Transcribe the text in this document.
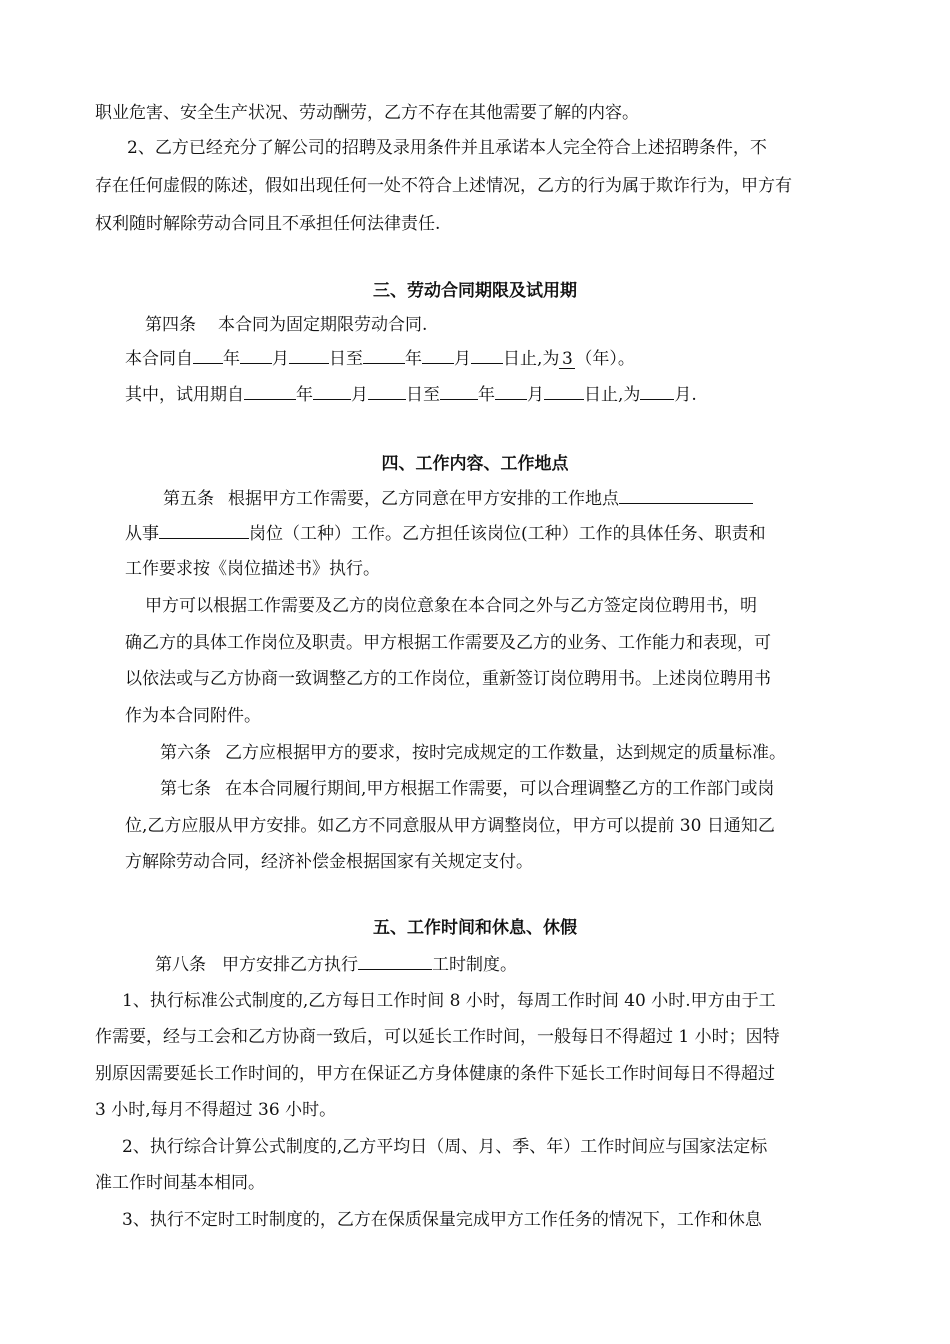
职业危害、安全生产状况、劳动酬劳，乙方不存在其他需要了解的内容。
2、乙方已经充分了解公司的招聘及录用条件并且承诺本人完全符合上述招聘条件，不
存在任何虚假的陈述，假如出现任何一处不符合上述情况，乙方的行为属于欺诈行为，甲方有
权利随时解除劳动合同且不承担任何法律责任.
三、劳动合同期限及试用期
第四条 本合同为固定期限劳动合同.
本合同自 年 月 日至 年 月 日止,为 3 （年）。
其中，试用期自	年 月 日至 年 月 日止,为 月.
四、工作内容、工作地点
第五条 根据甲方工作需要，乙方同意在甲方安排的工作地点
从事	岗位（工种）工作。乙方担任该岗位(工种）工作的具体任务、职责和
工作要求按《岗位描述书》执行。
甲方可以根据工作需要及乙方的岗位意象在本合同之外与乙方签定岗位聘用书，明
确乙方的具体工作岗位及职责。甲方根据工作需要及乙方的业务、工作能力和表现，可
以依法或与乙方协商一致调整乙方的工作岗位，重新签订岗位聘用书。上述岗位聘用书
作为本合同附件。
第六条 乙方应根据甲方的要求，按时完成规定的工作数量，达到规定的质量标准。
第七条 在本合同履行期间,甲方根据工作需要，可以合理调整乙方的工作部门或岗
位,乙方应服从甲方安排。如乙方不同意服从甲方调整岗位，甲方可以提前 30 日通知乙
方解除劳动合同，经济补偿金根据国家有关规定支付。
五、工作时间和休息、休假
第八条 甲方安排乙方执行	工时制度。
1、执行标准公式制度的,乙方每日工作时间 8 小时，每周工作时间 40 小时.甲方由于工
作需要，经与工会和乙方协商一致后，可以延长工作时间，一般每日不得超过 1 小时；因特
别原因需要延长工作时间的，甲方在保证乙方身体健康的条件下延长工作时间每日不得超过
3 小时,每月不得超过 36 小时。
2、执行综合计算公式制度的,乙方平均日（周、月、季、年）工作时间应与国家法定标
准工作时间基本相同。
3、执行不定时工时制度的，乙方在保质保量完成甲方工作任务的情况下，工作和休息
